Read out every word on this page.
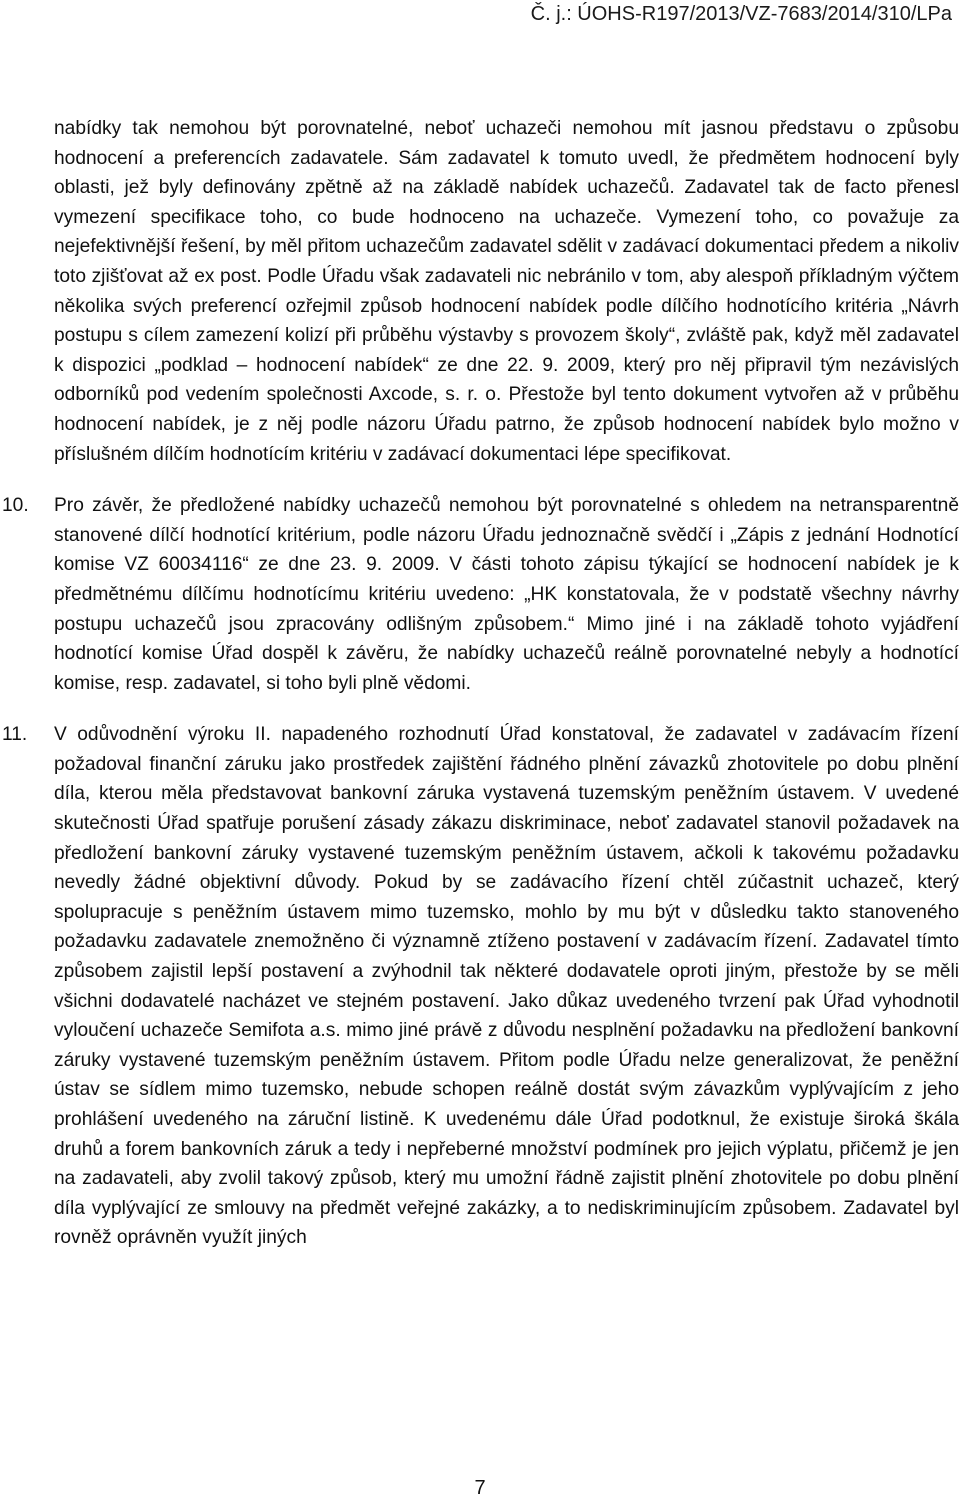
Č. j.: ÚOHS-R197/2013/VZ-7683/2014/310/LPa

nabídky tak nemohou být porovnatelné, neboť uchazeči nemohou mít jasnou představu o způsobu hodnocení a preferencích zadavatele. Sám zadavatel k tomuto uvedl, že předmětem hodnocení byly oblasti, jež byly definovány zpětně až na základě nabídek uchazečů. Zadavatel tak de facto přenesl vymezení specifikace toho, co bude hodnoceno na uchazeče. Vymezení toho, co považuje za nejefektivnější řešení, by měl přitom uchazečům zadavatel sdělit v zadávací dokumentaci předem a nikoliv toto zjišťovat až ex post. Podle Úřadu však zadavateli nic nebránilo v tom, aby alespoň příkladným výčtem několika svých preferencí ozřejmil způsob hodnocení nabídek podle dílčího hodnotícího kritéria „Návrh postupu s cílem zamezení kolizí při průběhu výstavby s provozem školy“, zvláště pak, když měl zadavatel k dispozici „podklad – hodnocení nabídek“ ze dne 22. 9. 2009, který pro něj připravil tým nezávislých odborníků pod vedením společnosti Axcode, s. r. o. Přestože byl tento dokument vytvořen až v průběhu hodnocení nabídek, je z něj podle názoru Úřadu patrno, že způsob hodnocení nabídek bylo možno v příslušném dílčím hodnotícím kritériu v zadávací dokumentaci lépe specifikovat.

10. Pro závěr, že předložené nabídky uchazečů nemohou být porovnatelné s ohledem na netransparentně stanovené dílčí hodnotící kritérium, podle názoru Úřadu jednoznačně svědčí i „Zápis z jednání Hodnotící komise VZ 60034116“ ze dne 23. 9. 2009. V části tohoto zápisu týkající se hodnocení nabídek je k předmětnému dílčímu hodnotícímu kritériu uvedeno: „HK konstatovala, že v podstatě všechny návrhy postupu uchazečů jsou zpracovány odlišným způsobem.“ Mimo jiné i na základě tohoto vyjádření hodnotící komise Úřad dospěl k závěru, že nabídky uchazečů reálně porovnatelné nebyly a hodnotící komise, resp. zadavatel, si toho byli plně vědomi.

11. V odůvodnění výroku II. napadeného rozhodnutí Úřad konstatoval, že zadavatel v zadávacím řízení požadoval finanční záruku jako prostředek zajištění řádného plnění závazků zhotovitele po dobu plnění díla, kterou měla představovat bankovní záruka vystavená tuzemským peněžním ústavem. V uvedené skutečnosti Úřad spatřuje porušení zásady zákazu diskriminace, neboť zadavatel stanovil požadavek na předložení bankovní záruky vystavené tuzemským peněžním ústavem, ačkoli k takovému požadavku nevedly žádné objektivní důvody. Pokud by se zadávacího řízení chtěl zúčastnit uchazeč, který spolupracuje s peněžním ústavem mimo tuzemsko, mohlo by mu být v důsledku takto stanoveného požadavku zadavatele znemožněno či významně ztíženo postavení v zadávacím řízení. Zadavatel tímto způsobem zajistil lepší postavení a zvýhodnil tak některé dodavatele oproti jiným, přestože by se měli všichni dodavatelé nacházet ve stejném postavení. Jako důkaz uvedeného tvrzení pak Úřad vyhodnotil vyloučení uchazeče Semifota a.s. mimo jiné právě z důvodu nesplnění požadavku na předložení bankovní záruky vystavené tuzemským peněžním ústavem. Přitom podle Úřadu nelze generalizovat, že peněžní ústav se sídlem mimo tuzemsko, nebude schopen reálně dostát svým závazkům vyplývajícím z jeho prohlášení uvedeného na záruční listině. K uvedenému dále Úřad podotknul, že existuje široká škála druhů a forem bankovních záruk a tedy i nepřeberné množství podmínek pro jejich výplatu, přičemž je jen na zadavateli, aby zvolil takový způsob, který mu umožní řádně zajistit plnění zhotovitele po dobu plnění díla vyplývající ze smlouvy na předmět veřejné zakázky, a to nediskriminujícím způsobem. Zadavatel byl rovněž oprávněn využít jiných

7
